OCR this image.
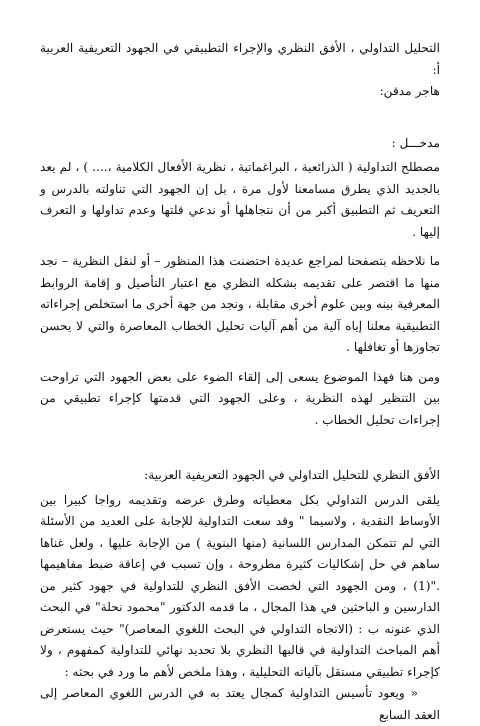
التحليل التداولي ، الأفق النظري والإجراء التطبيقي في الجهود التعريفية العربية أ:

هاجر مدقن:

مدخـــل :

مصطلح التداولية ( الذرائعية ، البراغماتية ، نظرية الأفعال الكلامية ،.... ) ، لم يعد بالجديد الذي يطرق مسامعنا لأول مرة ، بل إن الجهود التي تناولته بالدرس و التعريف ثم التطبيق أكبر من أن نتجاهلها أو ندعي قلتها وعدم تداولها و التعرف إليها .

ما نلاحظه بتصفحنا لمراجع عديدة احتضنت هذا المنظور – أو لنقل النظرية – نجد منها ما اقتصر على تقديمه بشكله النظري مع اعتبار التأصيل و إقامة الروابط المعرفية بينه وبين علوم أخرى مقابلة ، ونجد من جهة أخرى ما استخلص إجراءاته التطبيقية معلنا إياه آلية من أهم آليات تحليل الخطاب المعاصرة والتي لا يحسن تجاوزها أو تغافلها .

ومن هنا فهذا الموضوع يسعى إلى إلقاء الضوء على بعض الجهود التي تراوحت بين التنظير لهذه النظرية ، وعلى الجهود التي قدمتها كإجراء تطبيقي من إجراءات تحليل الخطاب .

الأفق النظري للتحليل التداولي في الجهود التعريفية العربية:

يلقى الدرس التداولي بكل معطياته وطرق عرضه وتقديمه رواجا كبيرا بين الأوساط النقدية ، ولاسيما " وقد سعت التداولية للإجابة على العديد من الأسئلة التي لم تتمكن المدارس اللسانية (منها البنوية ) من الإجابة عليها ، ولعل غناها ساهم في حل إشكاليات كثيرة مطروحة ، وإن تسبب في إعاقة ضبط مفاهيمها ."(1) ، ومن الجهود التي لخصت الأفق النظري للتداولية في جهود كثير من الدارسين و الباحثين في هذا المجال ، ما قدمه الدكتور "محمود نحلة" في البحث الذي عنونه ب : (الاتجاه التداولي في البحث اللغوي المعاصر)" حيث يستعرض أهم المباحث التداولية في قالبها النظري بلا تحديد نهائي للتداولية كمفهوم ، ولا كإجراء تطبيقي مستقل بآلياته التحليلية ، وهذا ملخص لأهم ما ورد في بحثه :

« ويعود تأسيس التداولية كمجال يعتد به في الدرس اللغوي المعاصر إلى العقد السابع
